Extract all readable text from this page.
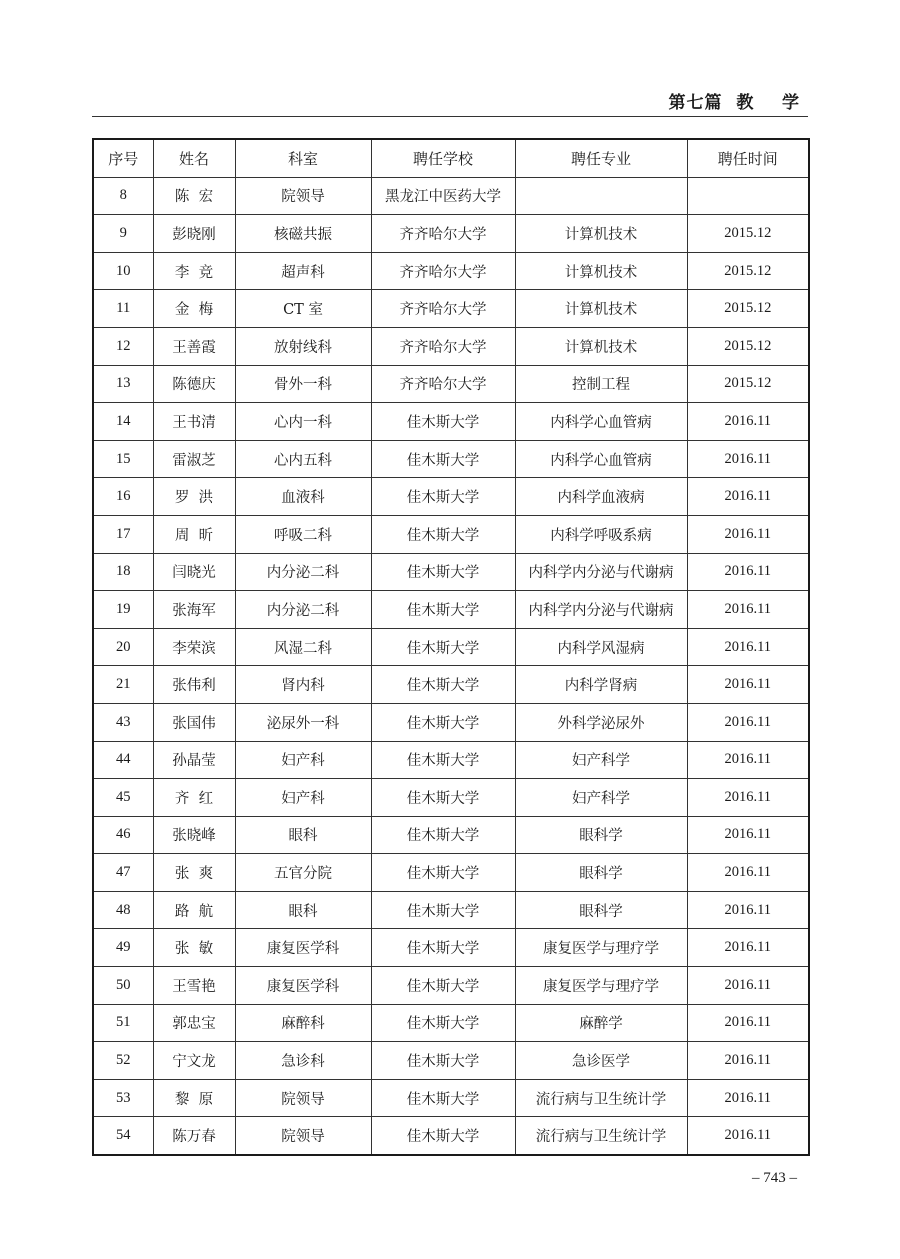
第七篇  教    学
序号	姓名	科室	聘任学校	聘任专业	聘任时间
8	陈  宏	院领导	黑龙江中医药大学		
9	彭晓刚	核磁共振	齐齐哈尔大学	计算机技术	2015.12
10	李  竞	超声科	齐齐哈尔大学	计算机技术	2015.12
11	金  梅	CT 室	齐齐哈尔大学	计算机技术	2015.12
12	王善霞	放射线科	齐齐哈尔大学	计算机技术	2015.12
13	陈德庆	骨外一科	齐齐哈尔大学	控制工程	2015.12
14	王书清	心内一科	佳木斯大学	内科学心血管病	2016.11
15	雷淑芝	心内五科	佳木斯大学	内科学心血管病	2016.11
16	罗  洪	血液科	佳木斯大学	内科学血液病	2016.11
17	周  昕	呼吸二科	佳木斯大学	内科学呼吸系病	2016.11
18	闫晓光	内分泌二科	佳木斯大学	内科学内分泌与代谢病	2016.11
19	张海军	内分泌二科	佳木斯大学	内科学内分泌与代谢病	2016.11
20	李荣滨	风湿二科	佳木斯大学	内科学风湿病	2016.11
21	张伟利	肾内科	佳木斯大学	内科学肾病	2016.11
43	张国伟	泌尿外一科	佳木斯大学	外科学泌尿外	2016.11
44	孙晶莹	妇产科	佳木斯大学	妇产科学	2016.11
45	齐  红	妇产科	佳木斯大学	妇产科学	2016.11
46	张晓峰	眼科	佳木斯大学	眼科学	2016.11
47	张  爽	五官分院	佳木斯大学	眼科学	2016.11
48	路  航	眼科	佳木斯大学	眼科学	2016.11
49	张  敏	康复医学科	佳木斯大学	康复医学与理疗学	2016.11
50	王雪艳	康复医学科	佳木斯大学	康复医学与理疗学	2016.11
51	郭忠宝	麻醉科	佳木斯大学	麻醉学	2016.11
52	宁文龙	急诊科	佳木斯大学	急诊医学	2016.11
53	黎  原	院领导	佳木斯大学	流行病与卫生统计学	2016.11
54	陈万春	院领导	佳木斯大学	流行病与卫生统计学	2016.11
– 743 –
